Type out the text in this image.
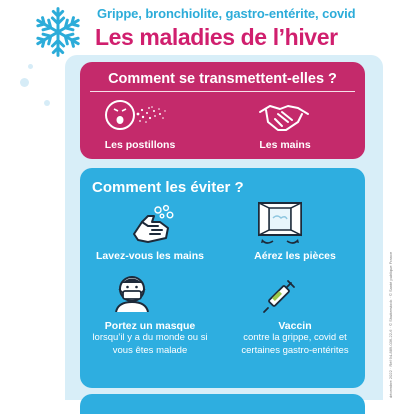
Grippe, bronchiolite, gastro-entérite, covid
Les maladies de l’hiver
Comment se transmettent-elles ?
Les postillons	Les mains
Comment les éviter ?
Lavez-vous les mains	Aérez les pièces
Portez un masque
lorsqu’il y a du monde ou si vous êtes malade
Vaccin
contre la grippe, covid et certaines gastro-entérites	décembre 2022 · Réf 94-889-036-22-6 · © Shutterstock · © Santé publique France
